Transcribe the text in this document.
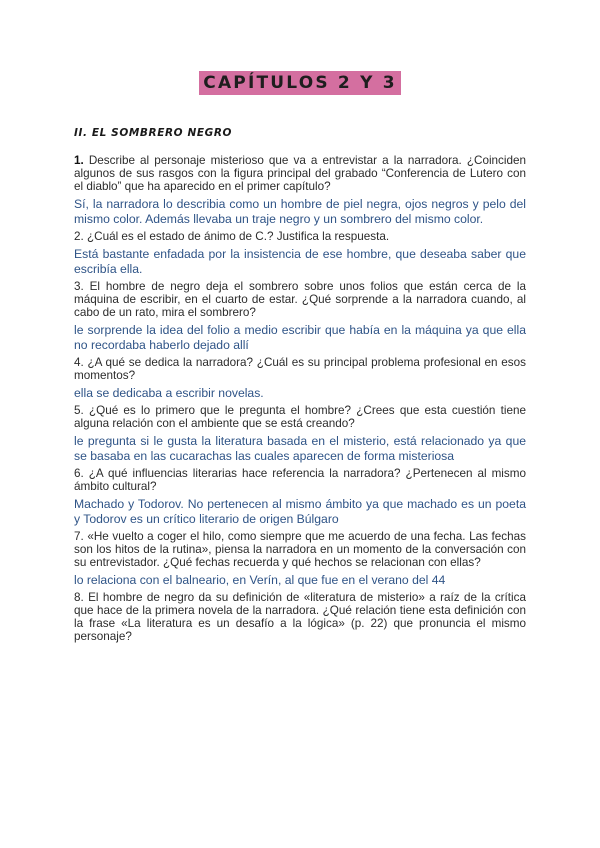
CAPÍTULOS 2 Y 3
II. EL SOMBRERO NEGRO

1. Describe al personaje misterioso que va a entrevistar a la narradora. ¿Coinciden algunos de sus rasgos con la figura principal del grabado “Conferencia de Lutero con el diablo” que ha aparecido en el primer capítulo?

Sí, la narradora lo describia como un hombre de piel negra, ojos negros y pelo del mismo color. Además llevaba un traje negro y un sombrero del mismo color.

2. ¿Cuál es el estado de ánimo de C.? Justifica la respuesta.

Está bastante enfadada por la insistencia de ese hombre, que deseaba saber que escribía ella.

3. El hombre de negro deja el sombrero sobre unos folios que están cerca de la máquina de escribir, en el cuarto de estar. ¿Qué sorprende a la narradora cuando, al cabo de un rato, mira el sombrero?

le sorprende la idea del folio a medio escribir que había en la máquina ya que ella no recordaba haberlo dejado allí

4. ¿A qué se dedica la narradora? ¿Cuál es su principal problema profesional en esos momentos?

ella se dedicaba a escribir novelas.

5. ¿Qué es lo primero que le pregunta el hombre? ¿Crees que esta cuestión tiene alguna relación con el ambiente que se está creando?

le pregunta si le gusta la literatura basada en el misterio, está relacionado ya que se basaba en las cucarachas las cuales aparecen de forma misteriosa

6. ¿A qué influencias literarias hace referencia la narradora? ¿Pertenecen al mismo ámbito cultural?

Machado y Todorov. No pertenecen al mismo ámbito ya que machado es un poeta y Todorov es un crítico literario de origen Búlgaro

7. «He vuelto a coger el hilo, como siempre que me acuerdo de una fecha. Las fechas son los hitos de la rutina», piensa la narradora en un momento de la conversación con su entrevistador. ¿Qué fechas recuerda y qué hechos se relacionan con ellas?

lo relaciona con el balneario, en Verín, al que fue en el verano del 44

8. El hombre de negro da su definición de «literatura de misterio» a raíz de la crítica que hace de la primera novela de la narradora. ¿Qué relación tiene esta definición con la frase «La literatura es un desafío a la lógica» (p. 22) que pronuncia el mismo personaje?
